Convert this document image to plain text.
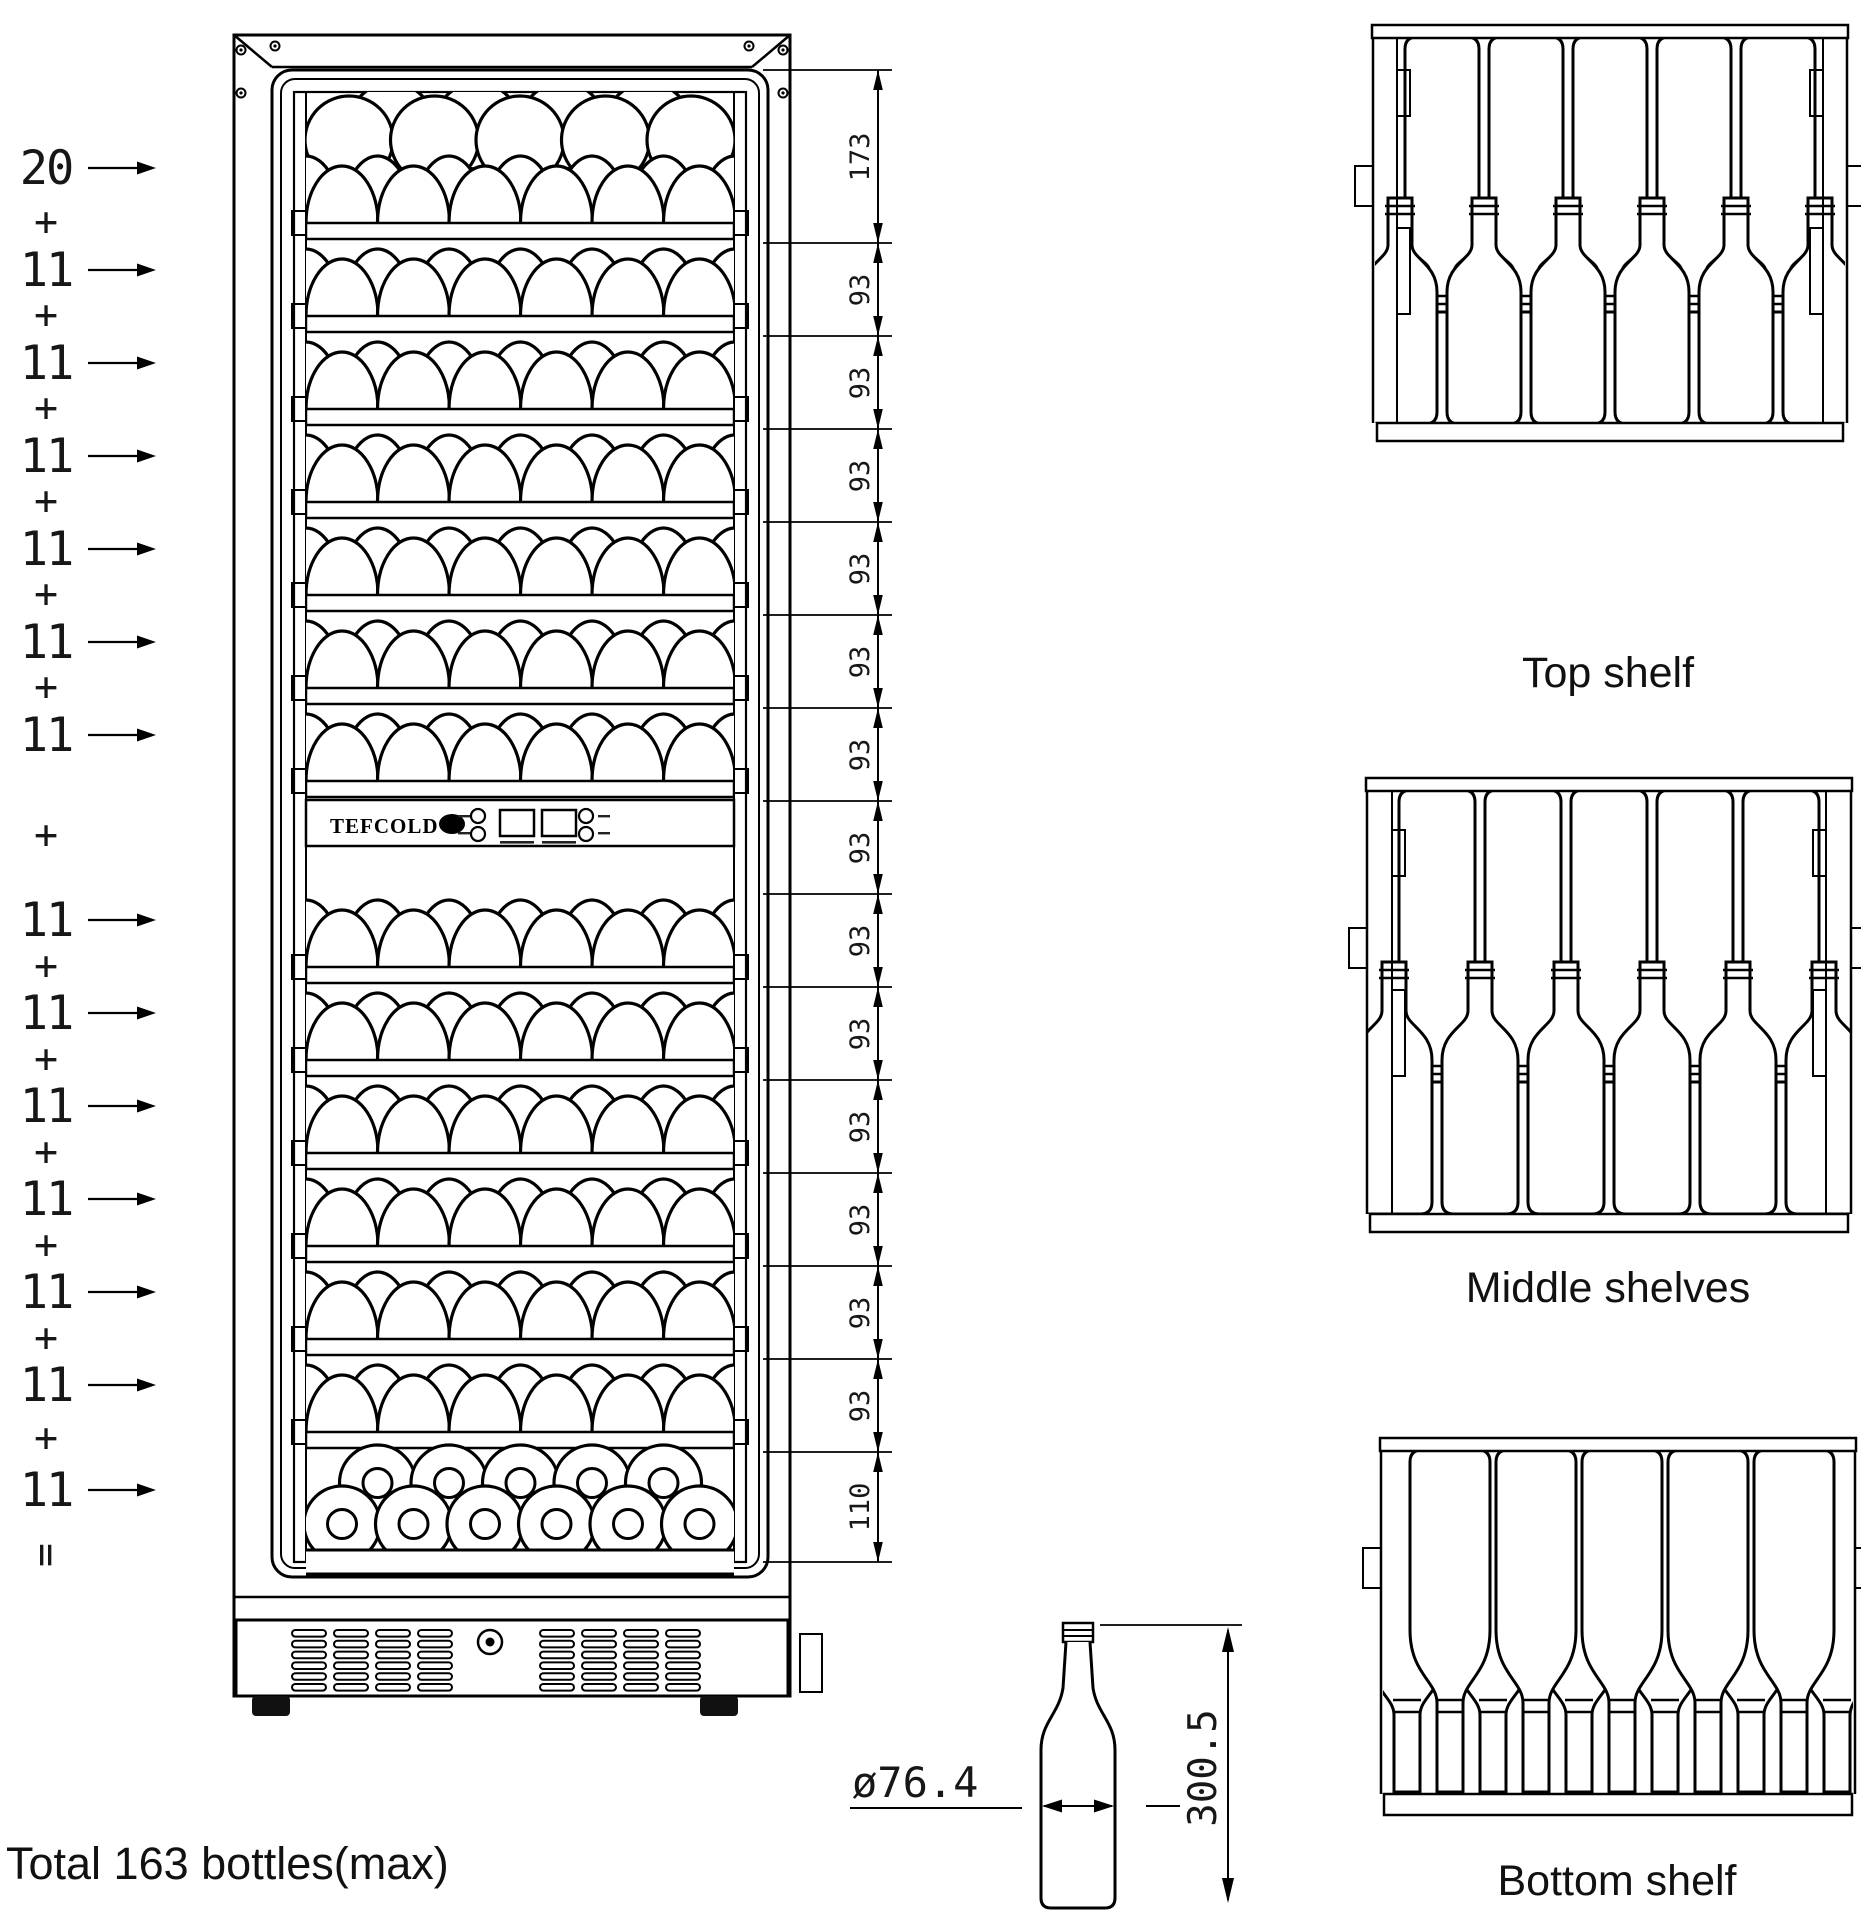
TEFCOLD
20
+
11
+
11
+
11
+
11
+
11
+
11
+
11
+
11
+
11
+
11
+
11
+
11
+
11
=
173
93
93
93
93
93
93
93
93
93
93
93
93
93
110
Total 163 bottles(max)
Top shelf
Middle shelves
Bottom shelf
ø76.4	300.5
